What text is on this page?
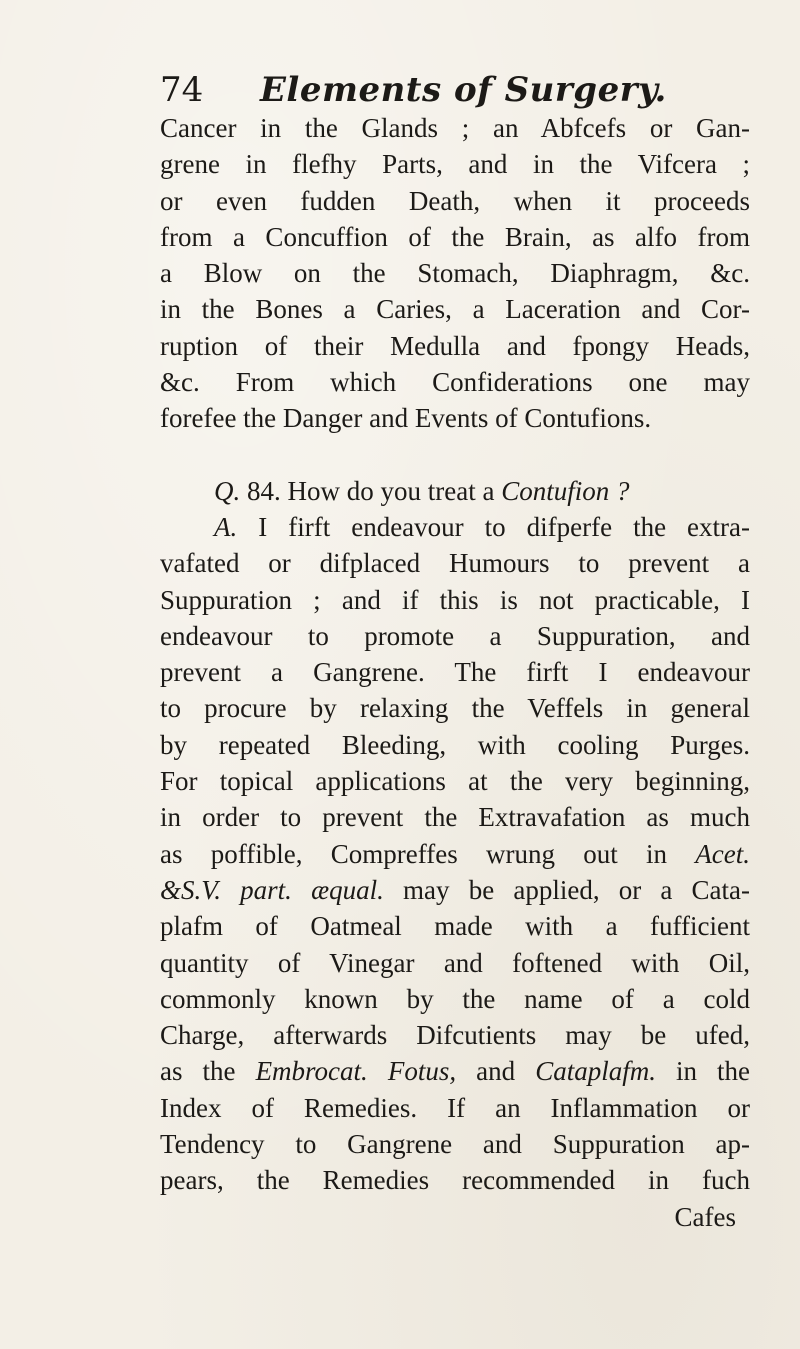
74 Elements of Surgery.
Cancer in the Glands ; an Abfcefs or Gan-
grene in flefhy Parts, and in the Vifcera ;
or even fudden Death, when it proceeds
from a Concuffion of the Brain, as alfo from
a Blow on the Stomach, Diaphragm, &c.
in the Bones a Caries, a Laceration and Cor-
ruption of their Medulla and fpongy Heads,
&c. From which Confiderations one may
forefee the Danger and Events of Contufions.
Q. 84. How do you treat a Contufion ?
A. I firft endeavour to difperfe the extra-
vafated or difplaced Humours to prevent a
Suppuration ; and if this is not practicable, I
endeavour to promote a Suppuration, and
prevent a Gangrene. The firft I endeavour
to procure by relaxing the Veffels in general
by repeated Bleeding, with cooling Purges.
For topical applications at the very beginning,
in order to prevent the Extravafation as much
as poffible, Compreffes wrung out in Acet.
&S.V. part. æqual. may be applied, or a Cata-
plafm of Oatmeal made with a fufficient
quantity of Vinegar and foftened with Oil,
commonly known by the name of a cold
Charge, afterwards Difcutients may be ufed,
as the Embrocat. Fotus, and Cataplafm. in the
Index of Remedies. If an Inflammation or
Tendency to Gangrene and Suppuration ap-
pears, the Remedies recommended in fuch
Cafes
